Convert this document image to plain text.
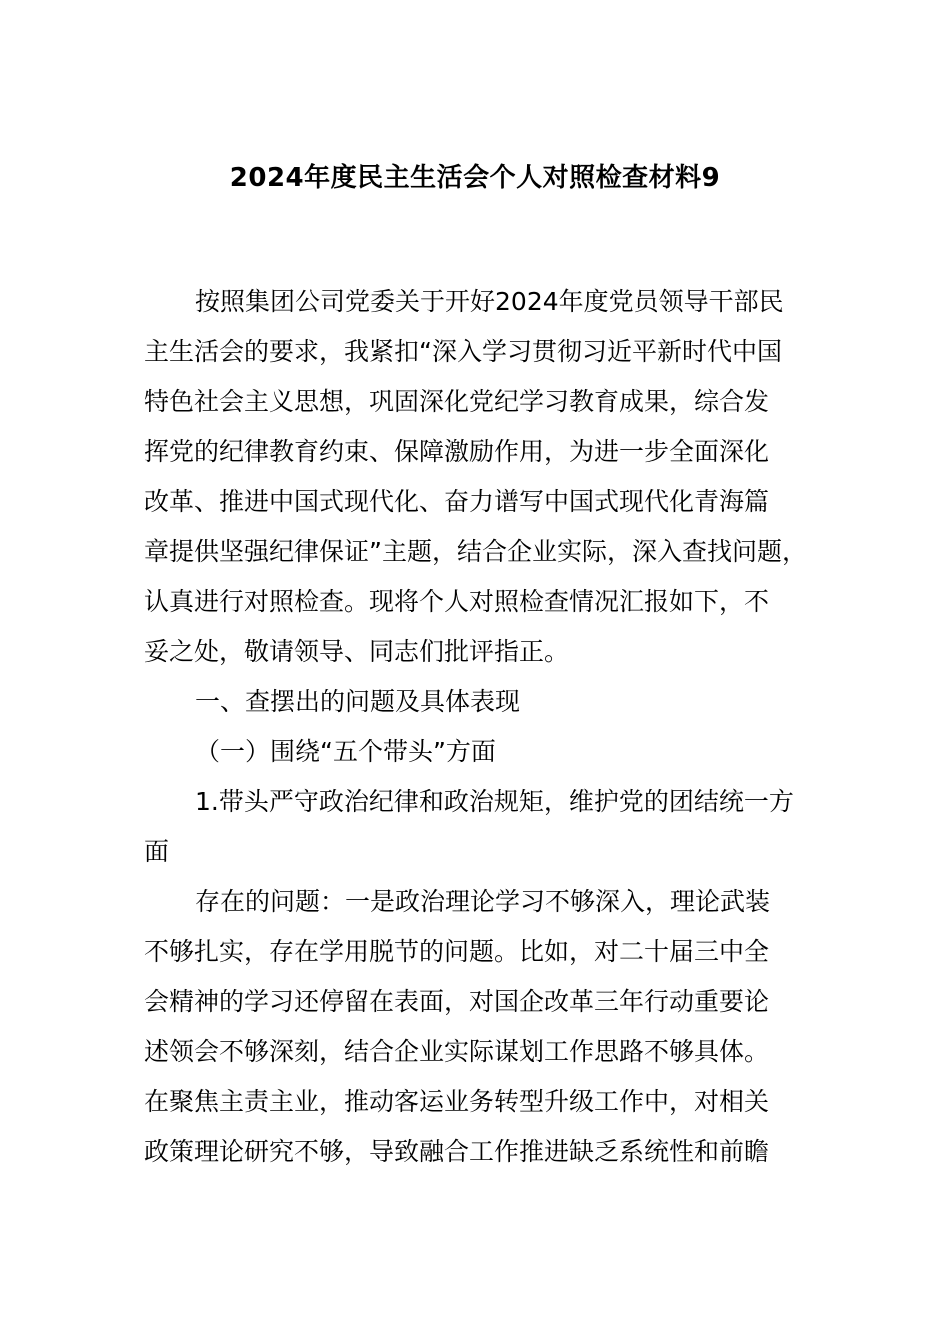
2024年度民主生活会个人对照检查材料9
按照集团公司党委关于开好2024年度党员领导干部民
主生活会的要求，我紧扣“深入学习贯彻习近平新时代中国
特色社会主义思想，巩固深化党纪学习教育成果，综合发
挥党的纪律教育约束、保障激励作用，为进一步全面深化
改革、推进中国式现代化、奋力谱写中国式现代化青海篇
章提供坚强纪律保证”主题，结合企业实际，深入查找问题，
认真进行对照检查。现将个人对照检查情况汇报如下，不
妥之处，敬请领导、同志们批评指正。
一、查摆出的问题及具体表现
（一）围绕“五个带头”方面
1.带头严守政治纪律和政治规矩，维护党的团结统一方
面
存在的问题：一是政治理论学习不够深入，理论武装
不够扎实，存在学用脱节的问题。比如，对二十届三中全
会精神的学习还停留在表面，对国企改革三年行动重要论
述领会不够深刻，结合企业实际谋划工作思路不够具体。
在聚焦主责主业，推动客运业务转型升级工作中，对相关
政策理论研究不够，导致融合工作推进缺乏系统性和前瞻
